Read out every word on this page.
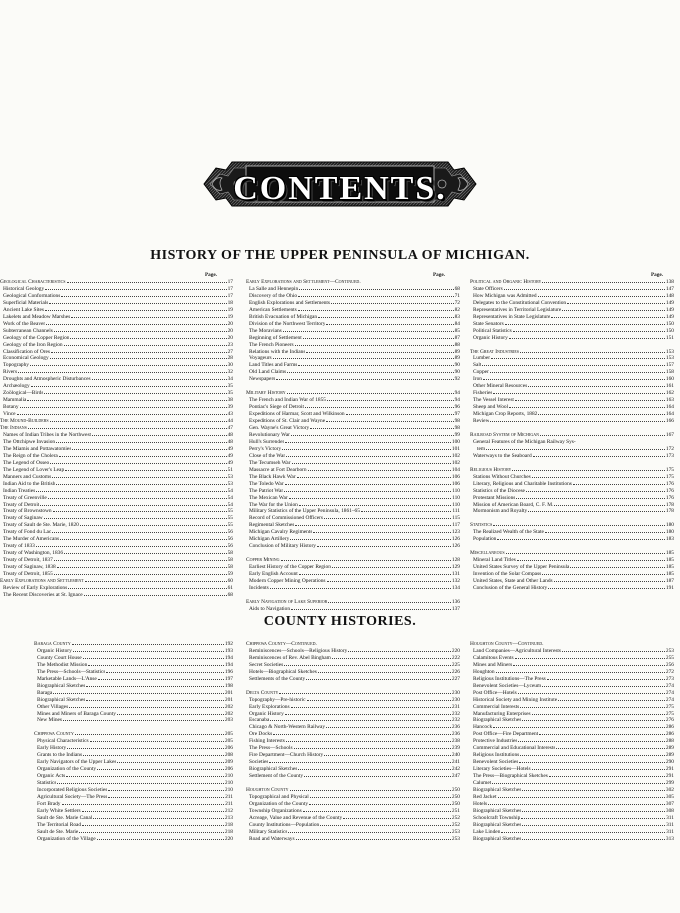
CONTENTS.
HISTORY OF THE UPPER PENINSULA OF MICHIGAN.
Page.	Page.	Page.
Geological Characteristics	17
Historical Geology	17
Geological Conformations	17
Superficial Materials	18
Ancient Lake Sites	19
Lakelets and Meadow Marshes	19
Work of the Beaver	20
Subterranean Channels	20
Geology of the Copper Region	20
Geology of the Iron Region	23
Classification of Ores	27
Economical Geology	28
Topography	30
Rivers	32
Droughts and Atmospheric Disturbances	34
Archæology	35
Zoölogical—Birds	35
Mammalia	38
Botany	39
Vince	43
The Mound-Builders	44
The Indians	47
Names of Indian Tribes in the Northwest	48
The Ottchipwe Invasion	48
The Miamis and Pottawatomies	49
The Reign of the Cholera	49
The Legend of Osseo	49
The Legend of Lover's Leap	51
Manners and Customs	53
Indian Aid to the British	53
Indian Treaties	54
Treaty of Greenville	54
Treaty of Detroit	54
Treaty of Brownstown	55
Treaty of Saginaw	55
Treaty of Sault de Ste. Marie, 1820	55
Treaty of Fond du Lac	56
The Murder of Americans	56
Treaty of 1833	56
Treaty of Washington, 1836	58
Treaty of Detroit, 1837	58
Treaty of Saginaw, 1838	58
Treaty of Detroit, 1855	59
Early Explorations and Settlement	60
Review of Early Explorations	61
The Recent Discoveries at St. Ignace	68
Early Explorations and Settlement—Continued.
La Salle and Hennepin	68
Discovery of the Ohio	71
English Explorations and Settlements	72
American Settlements	82
British Evacuation of Michigan	83
Division of the Northwest Territory	84
The Moravians	85
Beginning of Settlement	87
The French Pioneers	88
Relations with the Indians	89
Voyageurs	89
Land Titles and Farms	90
Old Land Claims	90
Newspapers	92

Military History	94
The French and Indian War of 1855	94
Pontiac's Siege of Detroit	96
Expeditions of Harmar, Scott and Wilkinson	97
Expeditions of St. Clair and Wayne	98
Gen. Wayne's Great Victory	98
Revolutionary War	99
Hull's Surrender	100
Perry's Victory	101
Close of the War	102
The Tecumseh War	102
Massacre at Fort Dearborn	104
The Black Hawk War	106
The Toledo War	106
The Patriot War	110
The Mexican War	110
The War for the Union	110
Military Statistics of the Upper Peninsula, 1861–65	111
Record of Commissioned Officers	115
Regimental Sketches	117
Michigan Cavalry Regiments	123
Michigan Artillery	126
Conclusion of Military History	126

Copper Mining	128
Earliest History of the Copper Region	129
Early English Account	131
Modern Copper Mining Operations	132
Incidents	134

Early Navigation of Lake Superior	136
Aids to Navigation	137
Political and Organic History	138
State Officers	147
How Michigan was Admitted	148
Delegates to the Constitutional Convention	149
Representatives in Territorial Legislature	149
Representatives in State Legislature	149
State Senators	150
Political Statistics	150
Organic History	151

The Great Industries	153
Lumber	153
Salt	157
Copper	158
Iron	160
Other Mineral Resources	161
Fisheries	162
The Vessel Interest	163
Sheep and Wool	164
Michigan Crop Reports, 1882	164
Review	166

Railroad System of Michigan	167
General Features of the Michigan Railway Sys-
tem	172
Waterways to the Seaboard	173

Religious History	175
Stations Without Churches	175
Literary, Religious and Charitable Institutions	176
Statistics of the Diocese	176
Protestant Missions	176
Mission of American Board, C. F. M.	178
Mormonism and Royalty	178

Statistics	180
The Realized Wealth of the State	180
Population	183

Miscellaneous	185
Mineral Land Titles	185
United States Survey of the Upper Peninsula	185
Invention of the Solar Compass	185
United States, State and Other Lands	187
Conclusion of the General History	191
COUNTY HISTORIES.
Baraga County	192
Organic History	193
County Court House	194
The Methodist Mission	194
The Press—Schools—Statistics	196
Marketable Lands—L'Anse	197
Biographical Sketches	198
Baraga	201
Biographical Sketches	201
Other Villages	202
Mines and Miners of Baraga County	202
New Mines	203

Chippewa County	205
Physical Characteristics	205
Early History	206
Grants to the Indians	208
Early Navigators of the Upper Lakes	209
Organization of the County	206
Organic Acts	210
Statistics	210
Incorporated Religious Societies	210
Agricultural Society—The Press	211
Fort Brady	211
Early White Settlers	212
Sault de Ste. Marie Canal	213
The Territorial Road	218
Sault de Ste. Marie	218
Organization of the Village	220
Chippewa County—Continued.
Reminiscences—Schools—Religious History	220
Reminiscences of Rev. Abel Bingham	222
Secret Societies	225
Hotels—Biographical Sketches	226
Settlements of the County	227

Delta County	230
Topography—Pre-historic	230
Early Explorations	231
Organic History	232
Escanaba	232
Chicago & North-Western Railway	236
Ore Docks	236
Fishing Interests	238
The Press—Schools	239
Fire Department—Church History	240
Societies	241
Biographical Sketches	242
Settlement of the County	247

Houghton County	250
Topographical and Physical	250
Organization of the County	250
Township Organizations	251
Acreage, Value and Revenue of the County	252
County Institutions—Population	252
Military Statistics	253
Road and Waterways	253
Houghton County—Continued.
Land Companies—Agricultural Interests	253
Calamitous Events	255
Mines and Miners	256
Houghton	272
Religious Institutions—The Press	273
Benevolent Societies—Lyceum	274
Post Office—Hotels	274
Historical Society and Mining Institute	274
Commercial Interests	275
Manufacturing Enterprises	275
Biographical Sketches	276
Hancock	286
Post Office—Fire Department	286
Protective Industries	288
Commercial and Educational Interests	289
Religious Institutions	289
Benevolent Societies	290
Literary Societies—Hotels	291
The Press—Biographical Sketches	291
Calumet	299
Biographical Sketches	302
Red Jacket	305
Hotels	307
Biographical Sketches	308
Schoolcraft Township	311
Biographical Sketches	311
Lake Linden	311
Biographical Sketches	313
